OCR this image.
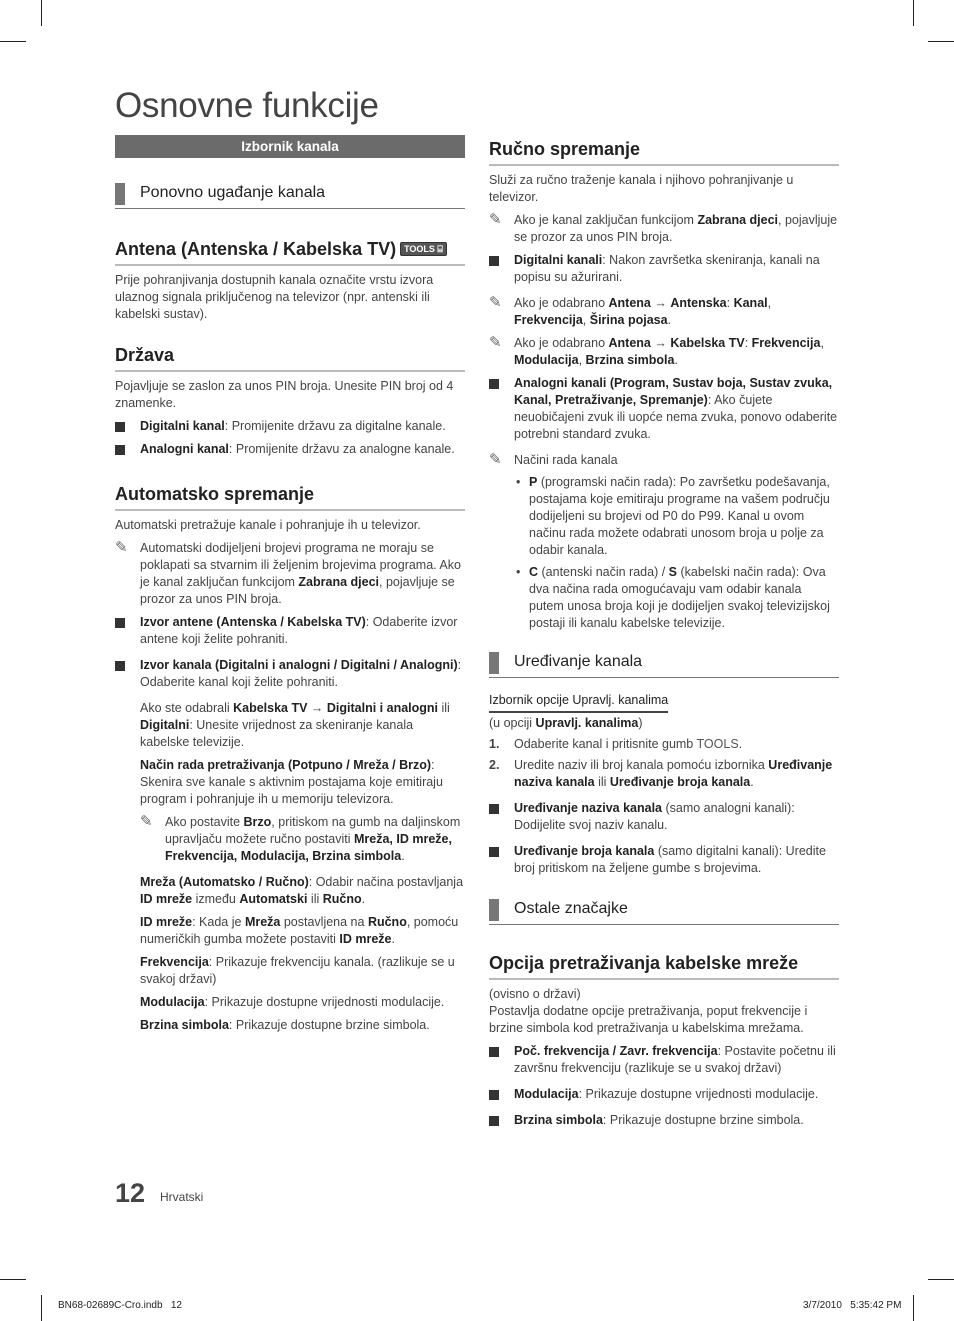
Osnovne funkcije
Izbornik kanala
Ponovno ugađanje kanala
Antena (Antenska / Kabelska TV) TOOLS ⌸

Prije pohranjivanja dostupnih kanala označite vrstu izvora ulaznog signala priključenog na televizor (npr. antenski ili kabelski sustav).

Država

Pojavljuje se zaslon za unos PIN broja. Unesite PIN broj od 4 znamenke.

Digitalni kanal: Promijenite državu za digitalne kanale.
Analogni kanal: Promijenite državu za analogne kanale.
Automatsko spremanje

Automatski pretražuje kanale i pohranjuje ih u televizor.

✎ Automatski dodijeljeni brojevi programa ne moraju se poklapati sa stvarnim ili željenim brojevima programa. Ako je kanal zaključan funkcijom Zabrana djeci, pojavljuje se prozor za unos PIN broja.
Izvor antene (Antenska / Kabelska TV): Odaberite izvor antene koji želite pohraniti.
Izvor kanala (Digitalni i analogni / Digitalni / Analogni): Odaberite kanal koji želite pohraniti.
Ako ste odabrali Kabelska TV → Digitalni i analogni ili Digitalni: Unesite vrijednost za skeniranje kanala kabelske televizije.
Način rada pretraživanja (Potpuno / Mreža / Brzo): Skenira sve kanale s aktivnim postajama koje emitiraju program i pohranjuje ih u memoriju televizora.
✎ Ako postavite Brzo, pritiskom na gumb na daljinskom upravljaču možete ručno postaviti Mreža, ID mreže, Frekvencija, Modulacija, Brzina simbola.
Mreža (Automatsko / Ručno): Odabir načina postavljanja ID mreže između Automatski ili Ručno.
ID mreže: Kada je Mreža postavljena na Ručno, pomoću numeričkih gumba možete postaviti ID mreže.
Frekvencija: Prikazuje frekvenciju kanala. (razlikuje se u svakoj državi)
Modulacija: Prikazuje dostupne vrijednosti modulacije.
Brzina simbola: Prikazuje dostupne brzine simbola.
Ručno spremanje

Služi za ručno traženje kanala i njihovo pohranjivanje u televizor.

✎ Ako je kanal zaključan funkcijom Zabrana djeci, pojavljuje se prozor za unos PIN broja.
Digitalni kanali: Nakon završetka skeniranja, kanali na popisu su ažurirani.
✎ Ako je odabrano Antena → Antenska: Kanal, Frekvencija, Širina pojasa.
✎ Ako je odabrano Antena → Kabelska TV: Frekvencija, Modulacija, Brzina simbola.
Analogni kanali (Program, Sustav boja, Sustav zvuka, Kanal, Pretraživanje, Spremanje): Ako čujete neuobičajeni zvuk ili uopće nema zvuka, ponovo odaberite potrebni standard zvuka.
✎ Načini rada kanala
• P (programski način rada): Po završetku podešavanja, postajama koje emitiraju programe na vašem području dodijeljeni su brojevi od P0 do P99. Kanal u ovom načinu rada možete odabrati unosom broja u polje za odabir kanala.
• C (antenski način rada) / S (kabelski način rada): Ova dva načina rada omogućavaju vam odabir kanala putem unosa broja koji je dodijeljen svakoj televizijskoj postaji ili kanalu kabelske televizije.
Uređivanje kanala
Izbornik opcije Upravlj. kanalima
(u opciji Upravlj. kanalima)
1. Odaberite kanal i pritisnite gumb TOOLS.
2. Uredite naziv ili broj kanala pomoću izbornika Uređivanje naziva kanala ili Uređivanje broja kanala.
Uređivanje naziva kanala (samo analogni kanali): Dodijelite svoj naziv kanalu.
Uređivanje broja kanala (samo digitalni kanali): Uredite broj pritiskom na željene gumbe s brojevima.
Ostale značajke
Opcija pretraživanja kabelske mreže

(ovisno o državi)

Postavlja dodatne opcije pretraživanja, poput frekvencije i brzine simbola kod pretraživanja u kabelskima mrežama.

Poč. frekvencija / Zavr. frekvencija: Postavite početnu ili završnu frekvenciju (razlikuje se u svakoj državi)
Modulacija: Prikazuje dostupne vrijednosti modulacije.
Brzina simbola: Prikazuje dostupne brzine simbola.
12 Hrvatski
BN68-02689C-Cro.indb   12	3/7/2010   5:35:42 PM
